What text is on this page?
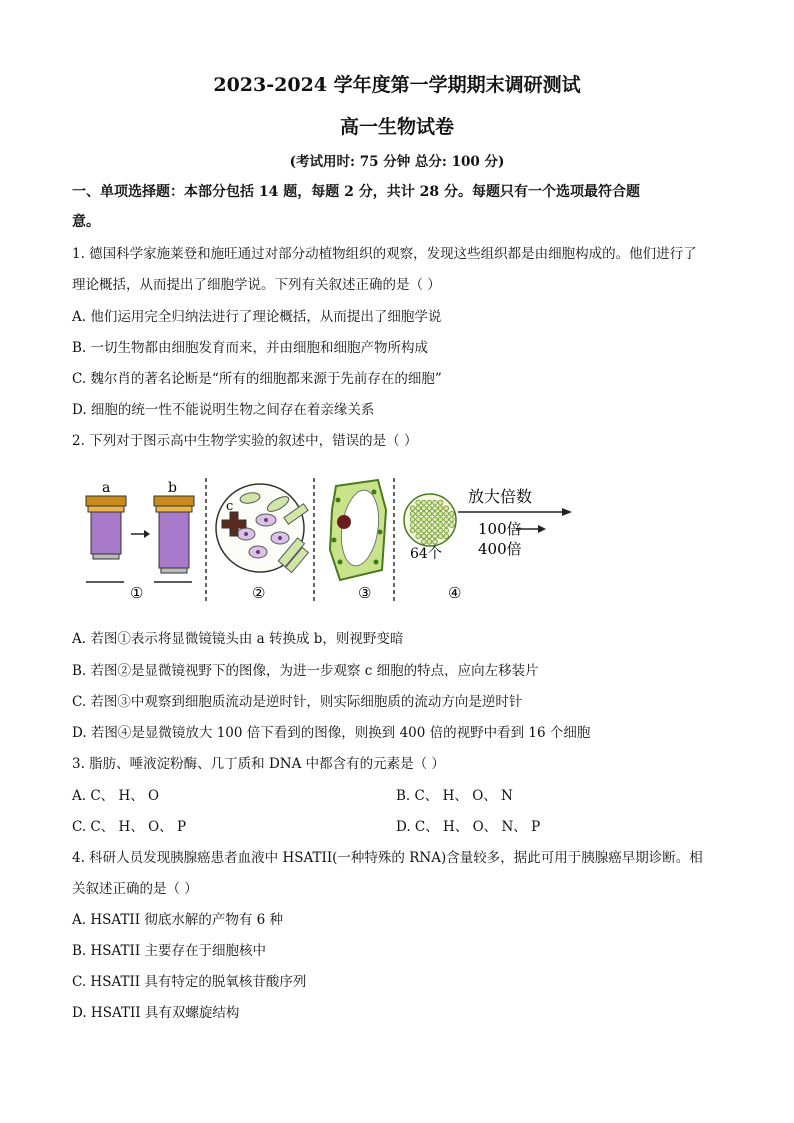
2023-2024 学年度第一学期期末调研测试
高一生物试卷
(考试用时: 75 分钟 总分: 100 分)
一、单项选择题：本部分包括 14 题，每题 2 分，共计 28 分。每题只有一个选项最符合题
意。
1. 德国科学家施莱登和施旺通过对部分动植物组织的观察，发现这些组织都是由细胞构成的。他们进行了
理论概括，从而提出了细胞学说。下列有关叙述正确的是（ ）
A. 他们运用完全归纳法进行了理论概括，从而提出了细胞学说
B. 一切生物都由细胞发育而来，并由细胞和细胞产物所构成
C. 魏尔肖的著名论断是“所有的细胞都来源于先前存在的细胞”
D. 细胞的统一性不能说明生物之间存在着亲缘关系
2. 下列对于图示高中生物学实验的叙述中，错误的是（ ）
a	b
①
c
②	③
64个
放大倍数
100倍
400倍
④
A. 若图①表示将显微镜镜头由 a 转换成 b，则视野变暗
B. 若图②是显微镜视野下的图像，为进一步观察 c 细胞的特点，应向左移装片
C. 若图③中观察到细胞质流动是逆时针，则实际细胞质的流动方向是逆时针
D. 若图④是显微镜放大 100 倍下看到的图像，则换到 400 倍的视野中看到 16 个细胞
3. 脂肪、唾液淀粉酶、几丁质和 DNA 中都含有的元素是（ ）
A. C、 H、 O	B. C、 H、 O、 N
C. C、 H、 O、 P	D. C、 H、 O、 N、 P
4. 科研人员发现胰腺癌患者血液中 HSATII(一种特殊的 RNA)含量较多，据此可用于胰腺癌早期诊断。相
关叙述正确的是（ ）
A. HSATII 彻底水解的产物有 6 种
B. HSATII 主要存在于细胞核中
C. HSATII 具有特定的脱氧核苷酸序列
D. HSATII 具有双螺旋结构
